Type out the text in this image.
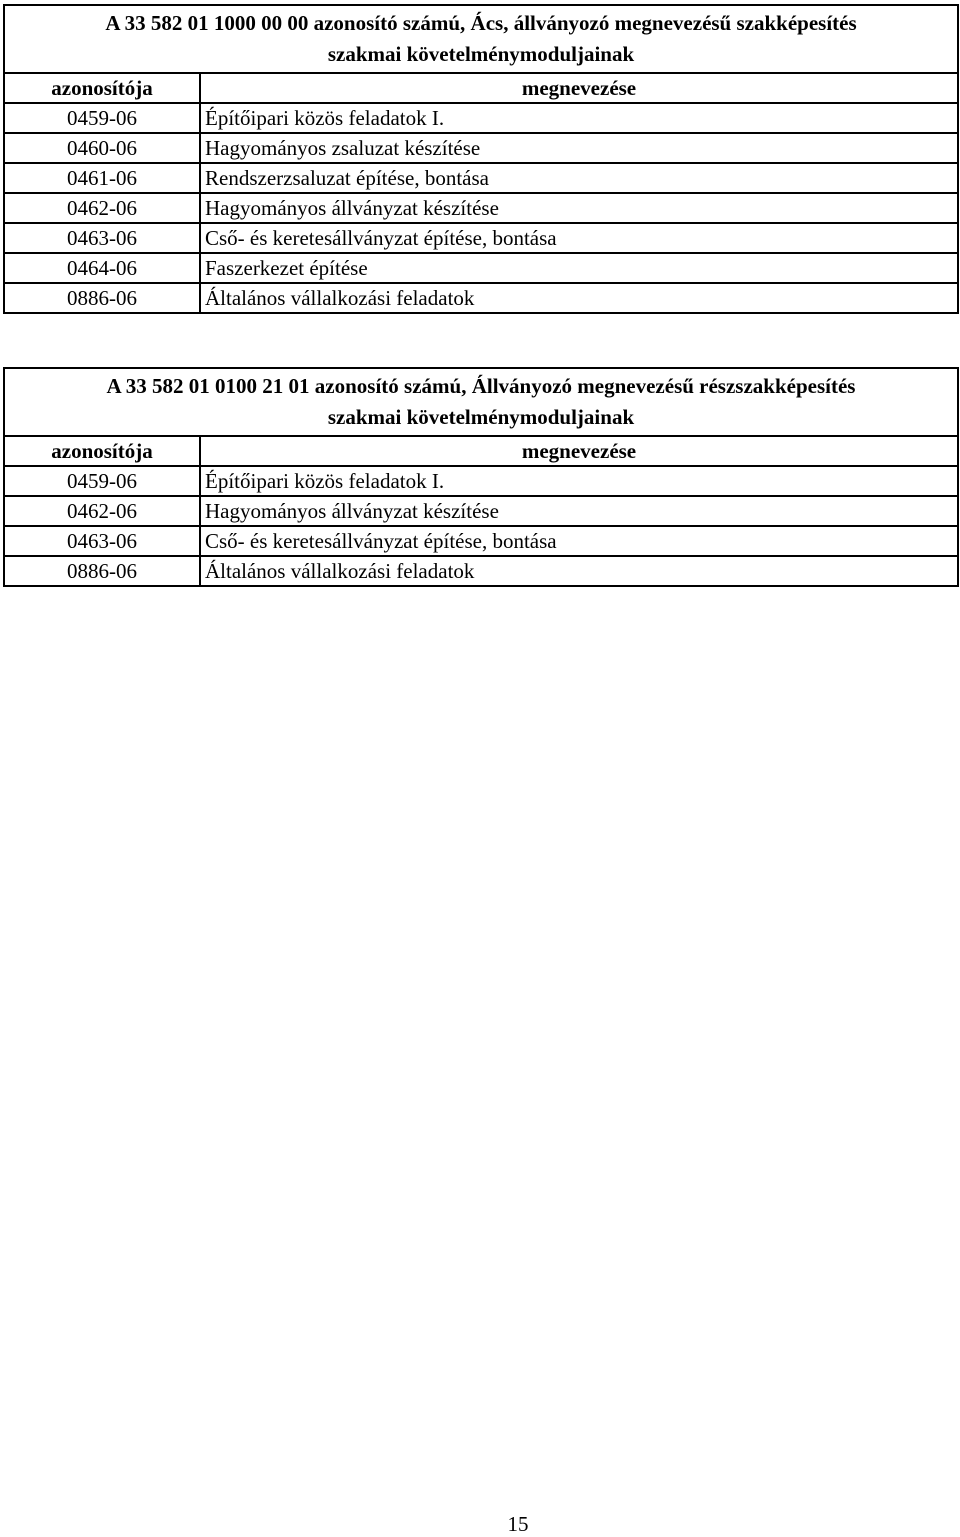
A 33 582 01 1000 00 00 azonosító számú, Ács, állványozó megnevezésű szakképesítés
szakmai követelménymoduljainak	
azonosítója	megnevezése
0459-06	Építőipari közös feladatok I.
0460-06	Hagyományos zsaluzat készítése
0461-06	Rendszerzsaluzat építése, bontása
0462-06	Hagyományos állványzat készítése
0463-06	Cső- és keretesállványzat építése, bontása
0464-06	Faszerkezet építése
0886-06	Általános vállalkozási feladatok
A 33 582 01 0100 21 01 azonosító számú, Állványozó megnevezésű részszakképesítés
szakmai követelménymoduljainak	
azonosítója	megnevezése
0459-06	Építőipari közös feladatok I.
0462-06	Hagyományos állványzat készítése
0463-06	Cső- és keretesállványzat építése, bontása
0886-06	Általános vállalkozási feladatok
15
